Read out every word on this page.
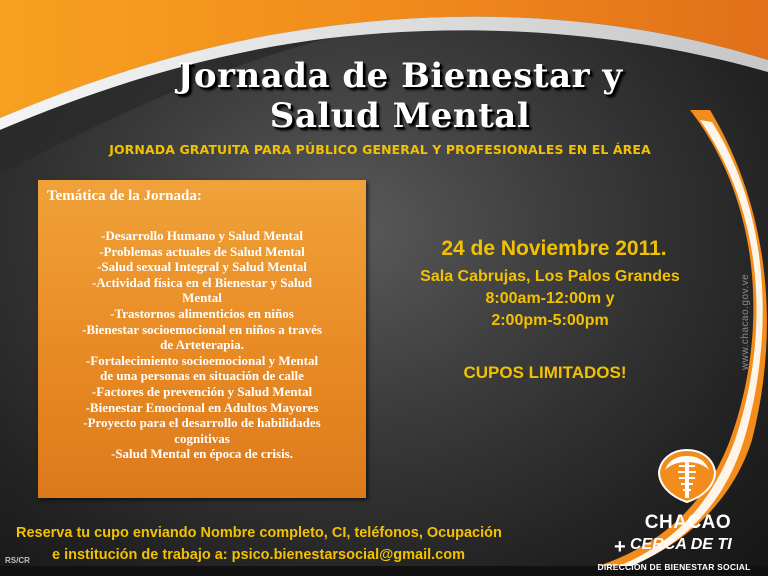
Jornada de Bienestar y
Salud Mental
JORNADA GRATUITA PARA PÚBLICO GENERAL Y PROFESIONALES EN EL ÁREA
Temática de la Jornada:
-Desarrollo Humano y Salud Mental
-Problemas actuales de Salud Mental
-Salud sexual Integral y Salud Mental
-Actividad física en el Bienestar y Salud
Mental
-Trastornos alimenticios en niños
-Bienestar socioemocional en niños a través
de Arteterapia.
-Fortalecimiento socioemocional y Mental
de una personas en situación de calle
-Factores de prevención y Salud Mental
-Bienestar Emocional en Adultos Mayores
-Proyecto para el desarrollo de habilidades
cognitivas
-Salud Mental en época de crisis.
24 de Noviembre 2011.
Sala Cabrujas, Los Palos Grandes
8:00am-12:00m y
2:00pm-5:00pm
CUPOS LIMITADOS!
www.chacao.gov.ve
Reserva tu cupo enviando Nombre completo, CI, teléfonos, Ocupación
e institución de trabajo a: psico.bienestarsocial@gmail.com
RS/CR
CHACAO
+ CERCA DE TI
DIRECCION DE BIENESTAR SOCIAL
